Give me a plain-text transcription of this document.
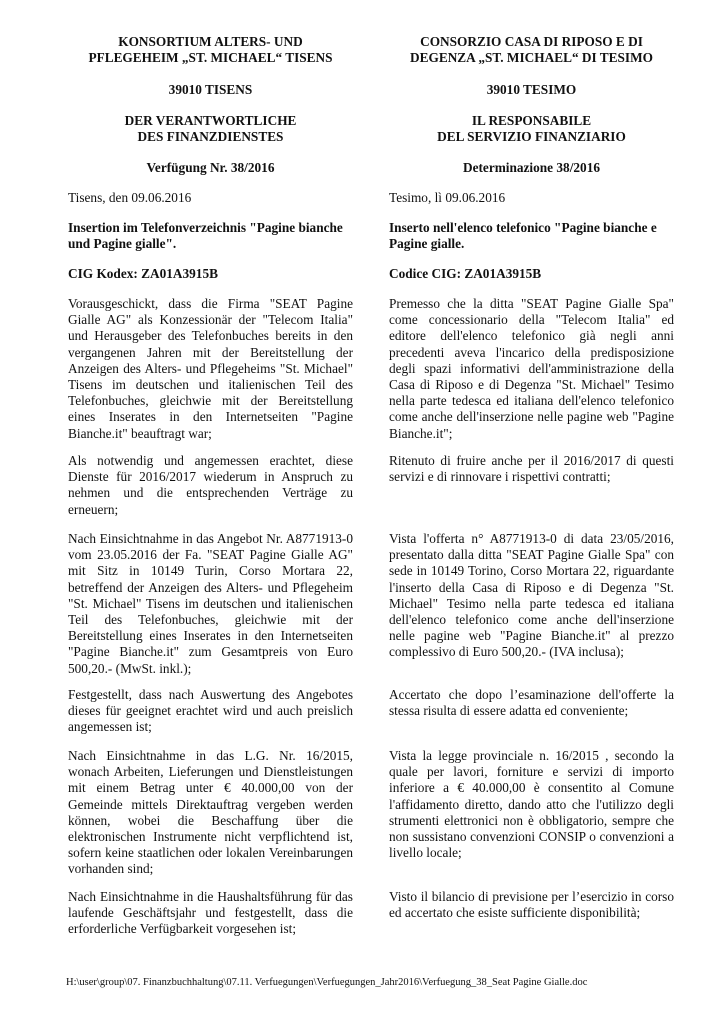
KONSORTIUM ALTERS- UND
PFLEGEHEIM „ST. MICHAEL“ TISENS
39010 TISENS
DER VERANTWORTLICHE
DES FINANZDIENSTES
Verfügung Nr. 38/2016
Tisens, den 09.06.2016
Insertion im Telefonverzeichnis "Pagine bianche und Pagine gialle".
CIG Kodex: ZA01A3915B
Vorausgeschickt, dass die Firma "SEAT Pagine Gialle AG" als Konzessionär der "Telecom Italia" und Herausgeber des Telefonbuches bereits in den vergangenen Jahren mit der Bereitstellung der Anzeigen des Alters- und Pflegeheims "St. Michael" Tisens im deutschen und italienischen Teil des Telefonbuches, gleichwie mit der Bereitstellung eines Inserates in den Internetseiten "Pagine Bianche.it" beauftragt war;
Als notwendig und angemessen erachtet, diese Dienste für 2016/2017 wiederum in Anspruch zu nehmen und die entsprechenden Verträge zu erneuern;
Nach Einsichtnahme in das Angebot Nr. A8771913-0 vom 23.05.2016 der Fa. "SEAT Pagine Gialle AG" mit Sitz in 10149 Turin, Corso Mortara 22, betreffend der Anzeigen des Alters- und Pflegeheim "St. Michael" Tisens im deutschen und italienischen Teil des Telefonbuches, gleichwie mit der Bereitstellung eines Inserates in den Internetseiten "Pagine Bianche.it" zum Gesamtpreis von Euro 500,20.- (MwSt. inkl.);
Festgestellt, dass nach Auswertung des Angebotes dieses für geeignet erachtet wird und auch preislich angemessen ist;
Nach Einsichtnahme in das L.G. Nr. 16/2015, wonach Arbeiten, Lieferungen und Dienstleistungen mit einem Betrag unter € 40.000,00 von der Gemeinde mittels Direktauftrag vergeben werden können, wobei die Beschaffung über die elektronischen Instrumente nicht verpflichtend ist, sofern keine staatlichen oder lokalen Vereinbarungen vorhanden sind;
Nach Einsichtnahme in die Haushaltsführung für das laufende Geschäftsjahr und festgestellt, dass die erforderliche Verfügbarkeit vorgesehen ist;
CONSORZIO CASA DI RIPOSO E DI
DEGENZA „ST. MICHAEL“ DI TESIMO
39010 TESIMO
IL RESPONSABILE
DEL SERVIZIO FINANZIARIO
Determinazione 38/2016
Tesimo, lì 09.06.2016
Inserto nell'elenco telefonico "Pagine bianche e Pagine gialle.
Codice CIG: ZA01A3915B
Premesso che la ditta "SEAT Pagine Gialle Spa" come concessionario della "Telecom Italia" ed editore dell'elenco telefonico già negli anni precedenti aveva l'incarico della predisposizione degli spazi informativi dell'amministrazione della Casa di Riposo e di Degenza "St. Michael" Tesimo nella parte tedesca ed italiana dell'elenco telefonico come anche dell'inserzione nelle pagine web "Pagine Bianche.it";
Ritenuto di fruire anche per il 2016/2017 di questi servizi e di rinnovare i rispettivi contratti;
Vista l'offerta n° A8771913-0 di data 23/05/2016, presentato dalla ditta "SEAT Pagine Gialle Spa" con sede in 10149 Torino, Corso Mortara 22, riguardante l'inserto della Casa di Riposo e di Degenza "St. Michael" Tesimo nella parte tedesca ed italiana dell'elenco telefonico come anche dell'inserzione nelle pagine web "Pagine Bianche.it" al prezzo complessivo di Euro 500,20.- (IVA inclusa);
Accertato che dopo l’esaminazione dell'offerte la stessa risulta di essere adatta ed conveniente;
Vista la legge provinciale n. 16/2015 , secondo la quale per lavori, forniture e servizi di importo inferiore a € 40.000,00 è consentito al Comune l'affidamento diretto, dando atto che l'utilizzo degli strumenti elettronici non è obbligatorio, sempre che non sussistano convenzioni CONSIP o convenzioni a livello locale;
Visto il bilancio di previsione per l’esercizio in corso ed accertato che esiste sufficiente disponibilità;
H:\user\group\07. Finanzbuchhaltung\07.11. Verfuegungen\Verfuegungen_Jahr2016\Verfuegung_38_Seat Pagine Gialle.doc
